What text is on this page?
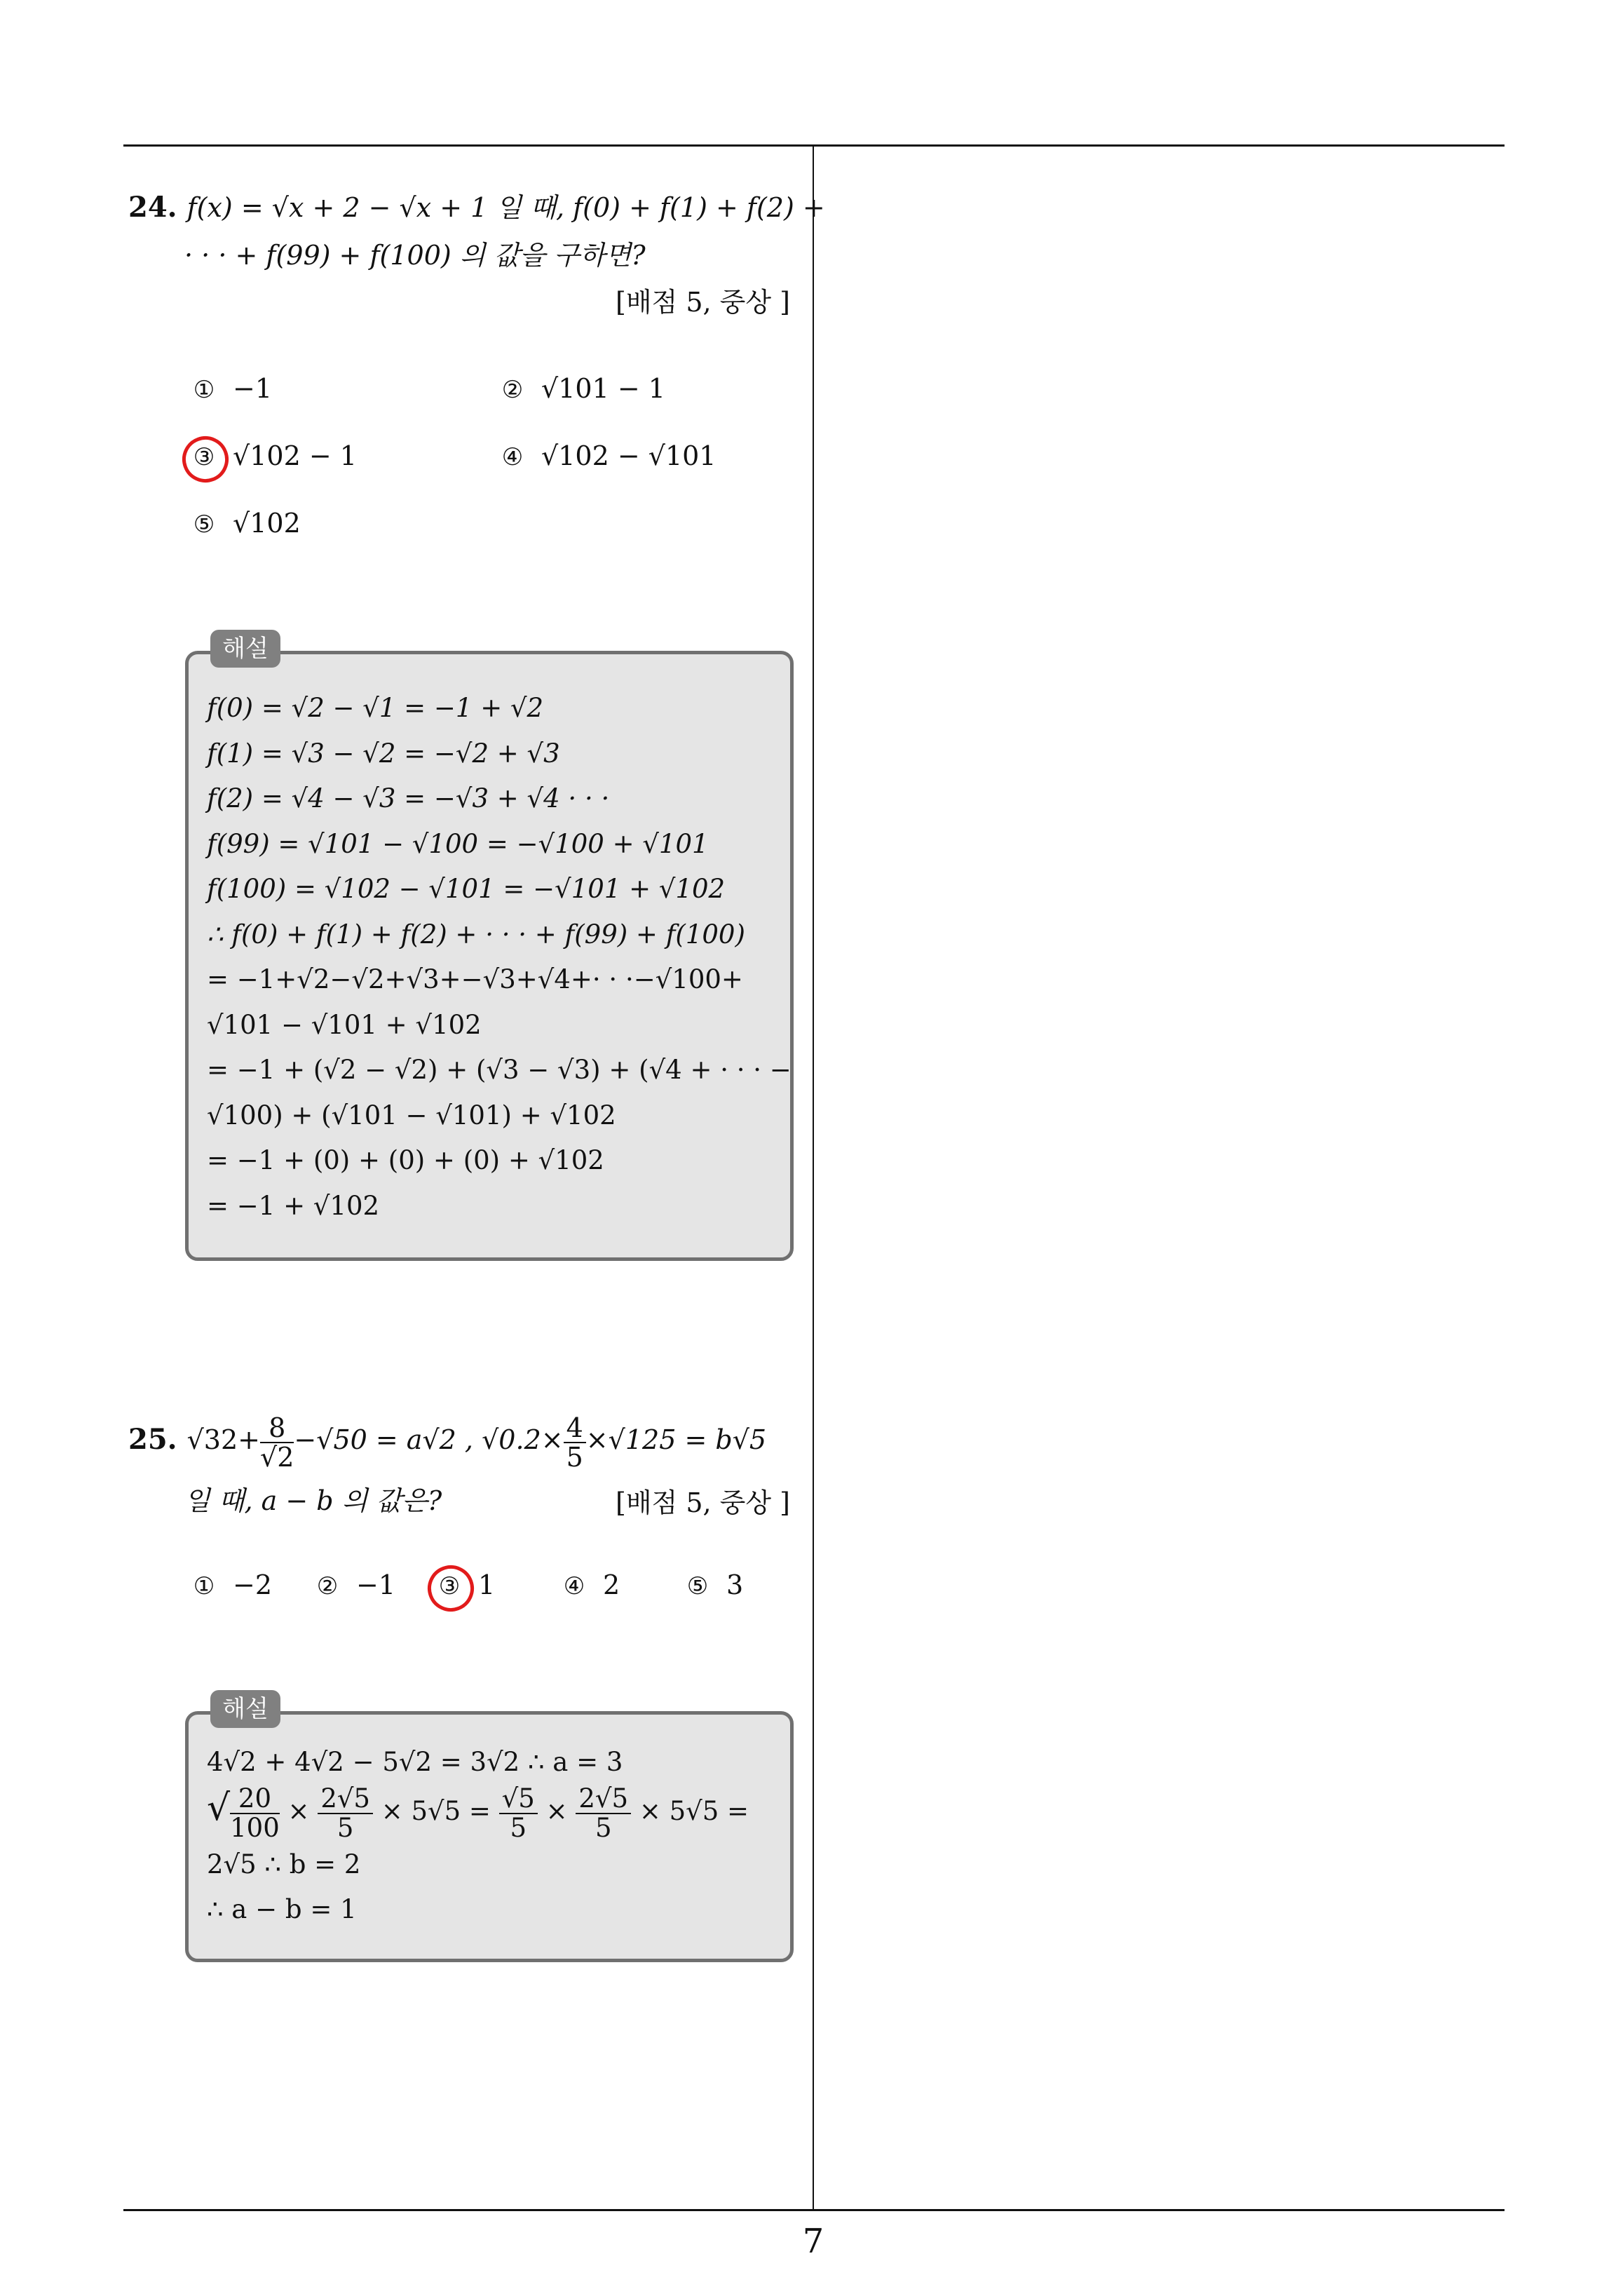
7
24. f(x) = √x + 2 − √x + 1 일 때, f(0) + f(1) + f(2) +
· · · + f(99) + f(100) 의 값을 구하면?
[배점 5, 중상 ]
① −1	② √101 − 1
③ √102 − 1	④ √102 − √101
⑤ √102
해설
f(0) = √2 − √1 = −1 + √2
f(1) = √3 − √2 = −√2 + √3
f(2) = √4 − √3 = −√3 + √4 · · ·
f(99) = √101 − √100 = −√100 + √101
f(100) = √102 − √101 = −√101 + √102
∴ f(0) + f(1) + f(2) + · · · + f(99) + f(100)
= −1+√2−√2+√3+−√3+√4+· · ·−√100+
√101 − √101 + √102
= −1 + (√2 − √2) + (√3 − √3) + (√4 + · · · −
√100) + (√101 − √101) + √102
= −1 + (0) + (0) + (0) + √102
= −1 + √102
25. $√32+ \frac{8}{√2} -√50 = a√2$ , $√0.2\times \frac{4}{5} \times√125 = b√5$
일 때, a − b 의 값은?	[배점 5, 중상 ]
① −2 ② −1 ③ 1	④ 2	⑤ 3
해설
4√2 + 4√2 − 5√2 = 3√2 ∴ a = 3
√ $\frac{20}{100} \times \frac{2√5}{5} \times 5√5 = \frac{√5}{5} \times \frac{2√5}{5} \times 5√5$ =
2√5 ∴ b = 2
∴ a − b = 1
